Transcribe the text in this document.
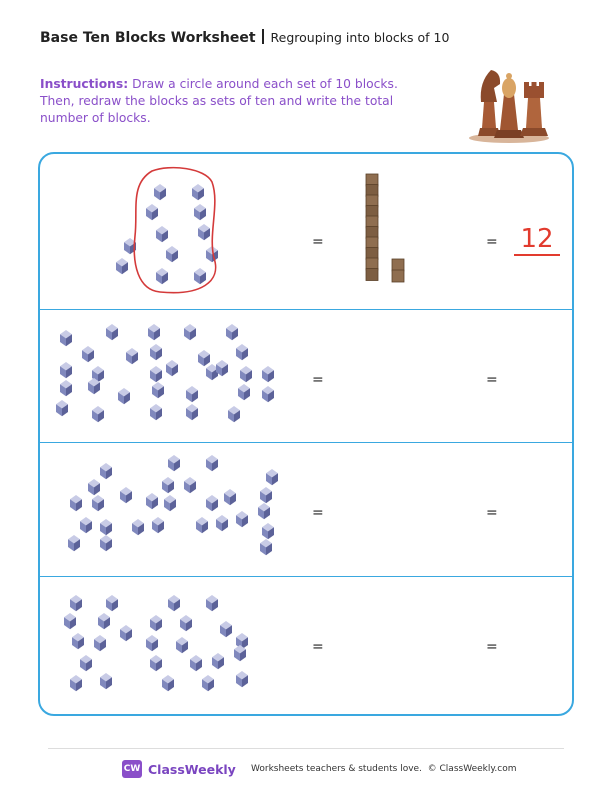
Base Ten Blocks Worksheet Regrouping into blocks of 10
Instructions: Draw a circle around each set of 10 blocks. Then, redraw the blocks as sets of ten and write the total number of blocks.
=	= 12
=	=
=	=
=	=
CW ClassWeekly Worksheets teachers & students love. © ClassWeekly.com
